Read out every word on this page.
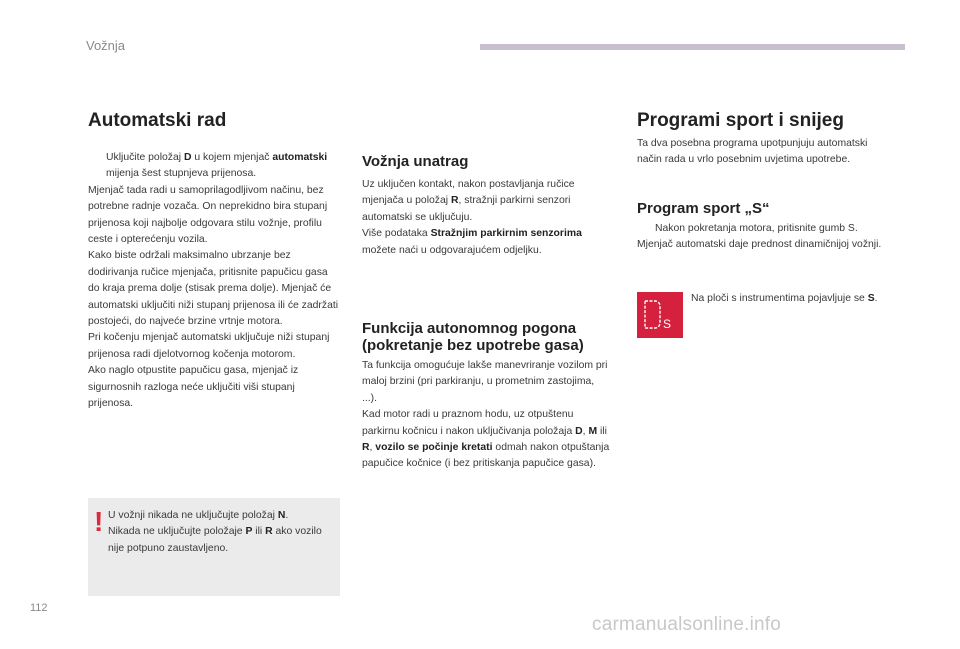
Vožnja
Automatski rad
Uključite položaj D u kojem mjenjač automatski mijenja šest stupnjeva prijenosa.

Mjenjač tada radi u samoprilagodljivom načinu, bez potrebne radnje vozača. On neprekidno bira stupanj prijenosa koji najbolje odgovara stilu vožnje, profilu ceste i opterećenju vozila.
Kako biste održali maksimalno ubrzanje bez dodirivanja ručice mjenjača, pritisnite papučicu gasa do kraja prema dolje (stisak prema dolje). Mjenjač će automatski uključiti niži stupanj prijenosa ili će zadržati postojeći, do najveće brzine vrtnje motora.
Pri kočenju mjenjač automatski uključuje niži stupanj prijenosa radi djelotvornog kočenja motorom.
Ako naglo otpustite papučicu gasa, mjenjač iz sigurnosnih razloga neće uključiti viši stupanj prijenosa.

! U vožnji nikada ne uključujte položaj N.
Nikada ne uključujte položaje P ili R ako vozilo nije potpuno zaustavljeno.
Vožnja unatrag
Uz uključen kontakt, nakon postavljanja ručice mjenjača u položaj R, stražnji parkirni senzori automatski se uključuju.
Više podataka Stražnjim parkirnim senzorima možete naći u odgovarajućem odjeljku.
Funkcija autonomnog pogona (pokretanje bez upotrebe gasa)
Ta funkcija omogućuje lakše manevriranje vozilom pri maloj brzini (pri parkiranju, u prometnim zastojima, ...).
Kad motor radi u praznom hodu, uz otpuštenu parkirnu kočnicu i nakon uključivanja položaja D, M ili R, vozilo se počinje kretati odmah nakon otpuštanja papučice kočnice (i bez pritiskanja papučice gasa).
Programi sport i snijeg
Ta dva posebna programa upotpunjuju automatski način rada u vrlo posebnim uvjetima upotrebe.
Program sport „S“
Nakon pokretanja motora, pritisnite gumb S.

Mjenjač automatski daje prednost dinamičnijoj vožnji.

S
Na ploči s instrumentima pojavljuje se S.
112
carmanualsonline.info
